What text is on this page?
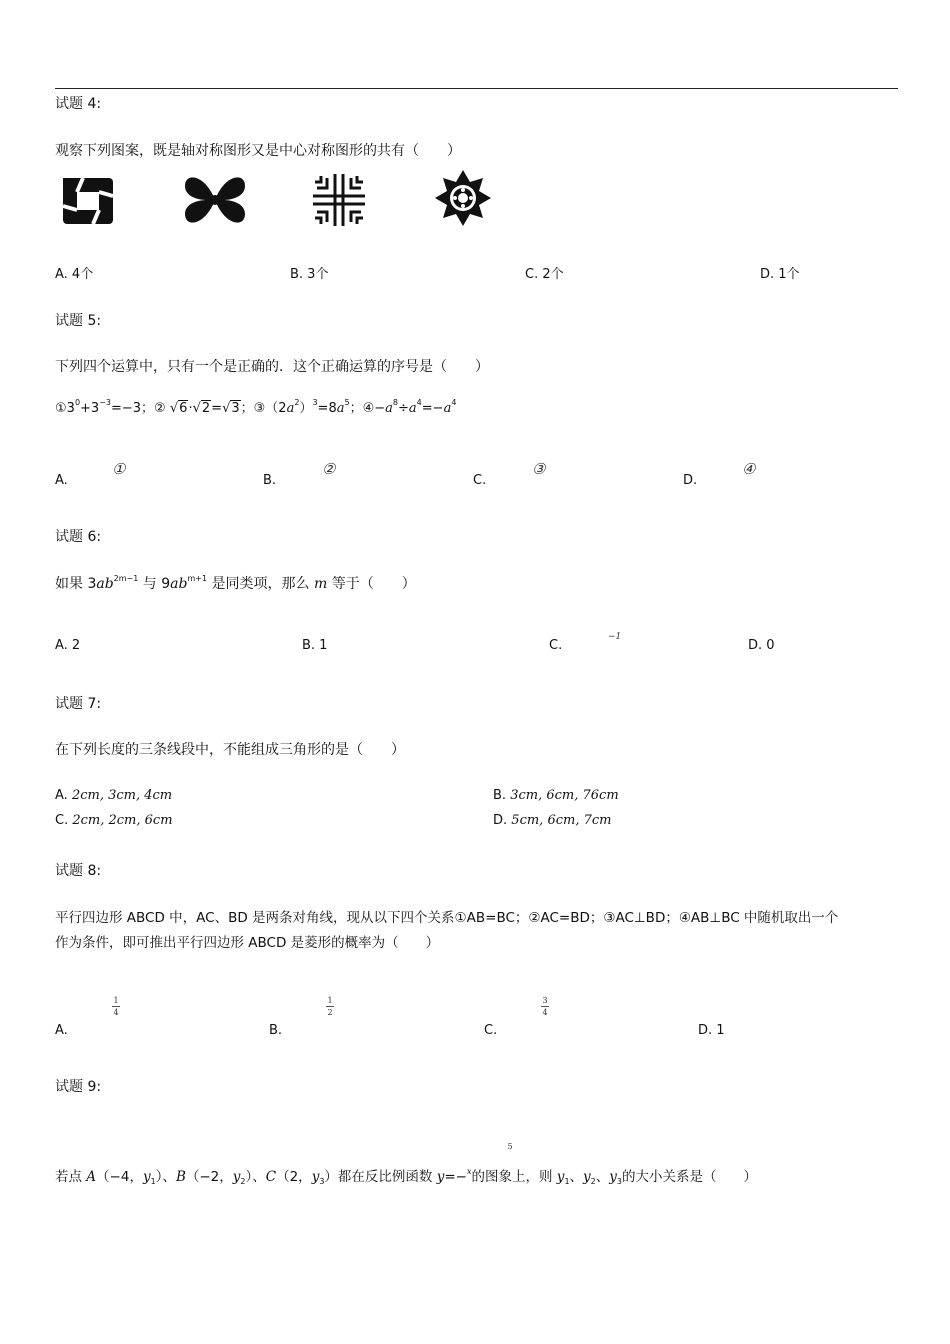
试题 4:
观察下列图案，既是轴对称图形又是中心对称图形的共有（　　）
A. 4个	B. 3个	C. 2个	D. 1个
试题 5:
下列四个运算中，只有一个是正确的．这个正确运算的序号是（　　）
$①3^0+3^{-3}=-3$；② √6·√2=√3；$③(2a^2)^3=8a^5$；$④-a^8\div a^4=-a^4$
A.
①
B.
②
C.
③
D.
④
试题 6:
如果 $3ab^{2m-1}$ 与 $9ab^{m+1}$ 是同类项，那么 m 等于（　　）
A. 2	B. 1	C.
−1
D. 0
试题 7:
在下列长度的三条线段中，不能组成三角形的是（　　）
A. 2cm, 3cm, 4cm	B. 3cm, 6cm, 76cm
C. 2cm, 2cm, 6cm	D. 5cm, 6cm, 7cm
试题 8:
平行四边形 ABCD 中，AC、BD 是两条对角线，现从以下四个关系①AB=BC；②AC=BD；③AC⊥BD；④AB⊥BC 中随机取出一个
作为条件，即可推出平行四边形 ABCD 是菱形的概率为（　　）
A.
1
4
B.
1
2
C.
3
4
D. 1
试题 9:
5
若点 A（−4，$y_1$）、B（−2，$y_2$）、C（2，$y_3$）都在反比例函数 y=−$^x$的图象上，则 $y_1$、$y_2$、$y_3$的大小关系是（　　）
